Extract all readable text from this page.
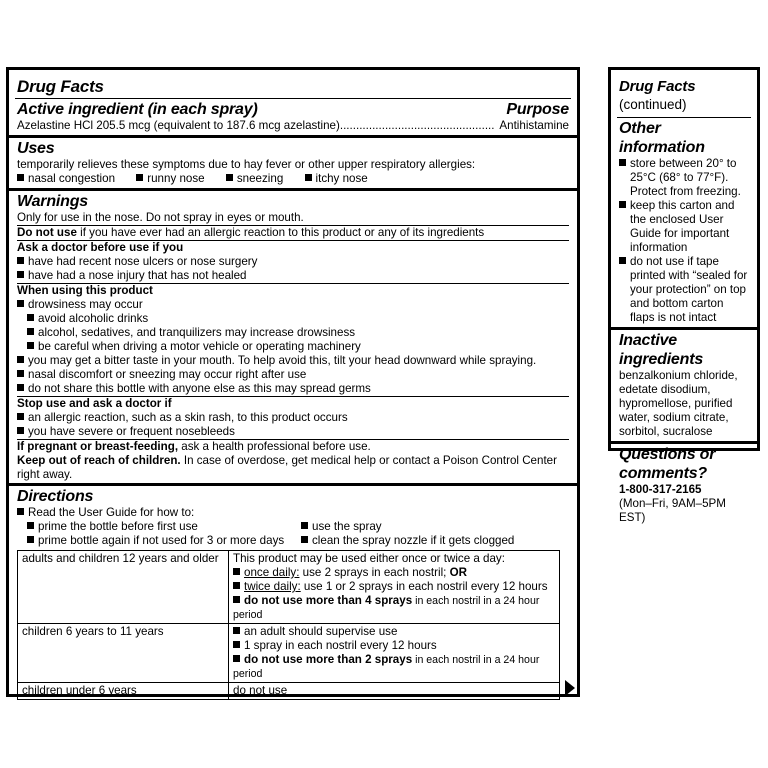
Drug Facts
Active ingredient (in each spray)	Purpose
Azelastine HCl 205.5 mcg (equivalent to 187.6 mcg azelastine)................................................ Antihistamine
Uses
temporarily relieves these symptoms due to hay fever or other upper respiratory allergies:
nasal congestion	runny nose	sneezing	itchy nose
Warnings
Only for use in the nose. Do not spray in eyes or mouth.
Do not use if you have ever had an allergic reaction to this product or any of its ingredients
Ask a doctor before use if you
have had recent nose ulcers or nose surgery
have had a nose injury that has not healed
When using this product
drowsiness may occur
avoid alcoholic drinks
alcohol, sedatives, and tranquilizers may increase drowsiness
be careful when driving a motor vehicle or operating machinery
you may get a bitter taste in your mouth. To help avoid this, tilt your head downward while spraying.
nasal discomfort or sneezing may occur right after use
do not share this bottle with anyone else as this may spread germs
Stop use and ask a doctor if
an allergic reaction, such as a skin rash, to this product occurs
you have severe or frequent nosebleeds
If pregnant or breast-feeding, ask a health professional before use.
Keep out of reach of children. In case of overdose, get medical help or contact a Poison Control Center right away.
Directions
Read the User Guide for how to:
prime the bottle before first use
prime bottle again if not used for 3 or more days
use the spray
clean the spray nozzle if it gets clogged
adults and children 12 years and older	This product may be used either once or twice a day:
once daily: use 2 sprays in each nostril; OR
twice daily: use 1 or 2 sprays in each nostril every 12 hours
do not use more than 4 sprays in each nostril in a 24 hour period

children 6 years to 11 years	an adult should supervise use
1 spray in each nostril every 12 hours
do not use more than 2 sprays in each nostril in a 24 hour period

children under 6 years	do not use
Drug Facts (continued)
Other information
store between 20° to 25°C (68° to 77°F). Protect from freezing.
keep this carton and the enclosed User Guide for important information
do not use if tape printed with “sealed for your protection” on top and bottom carton flaps is not intact
Inactive ingredients
benzalkonium chloride, edetate disodium, hypromellose, purified water, sodium citrate, sorbitol, sucralose
Questions or comments?
1-800-317-2165
(Mon–Fri, 9AM–5PM EST)
